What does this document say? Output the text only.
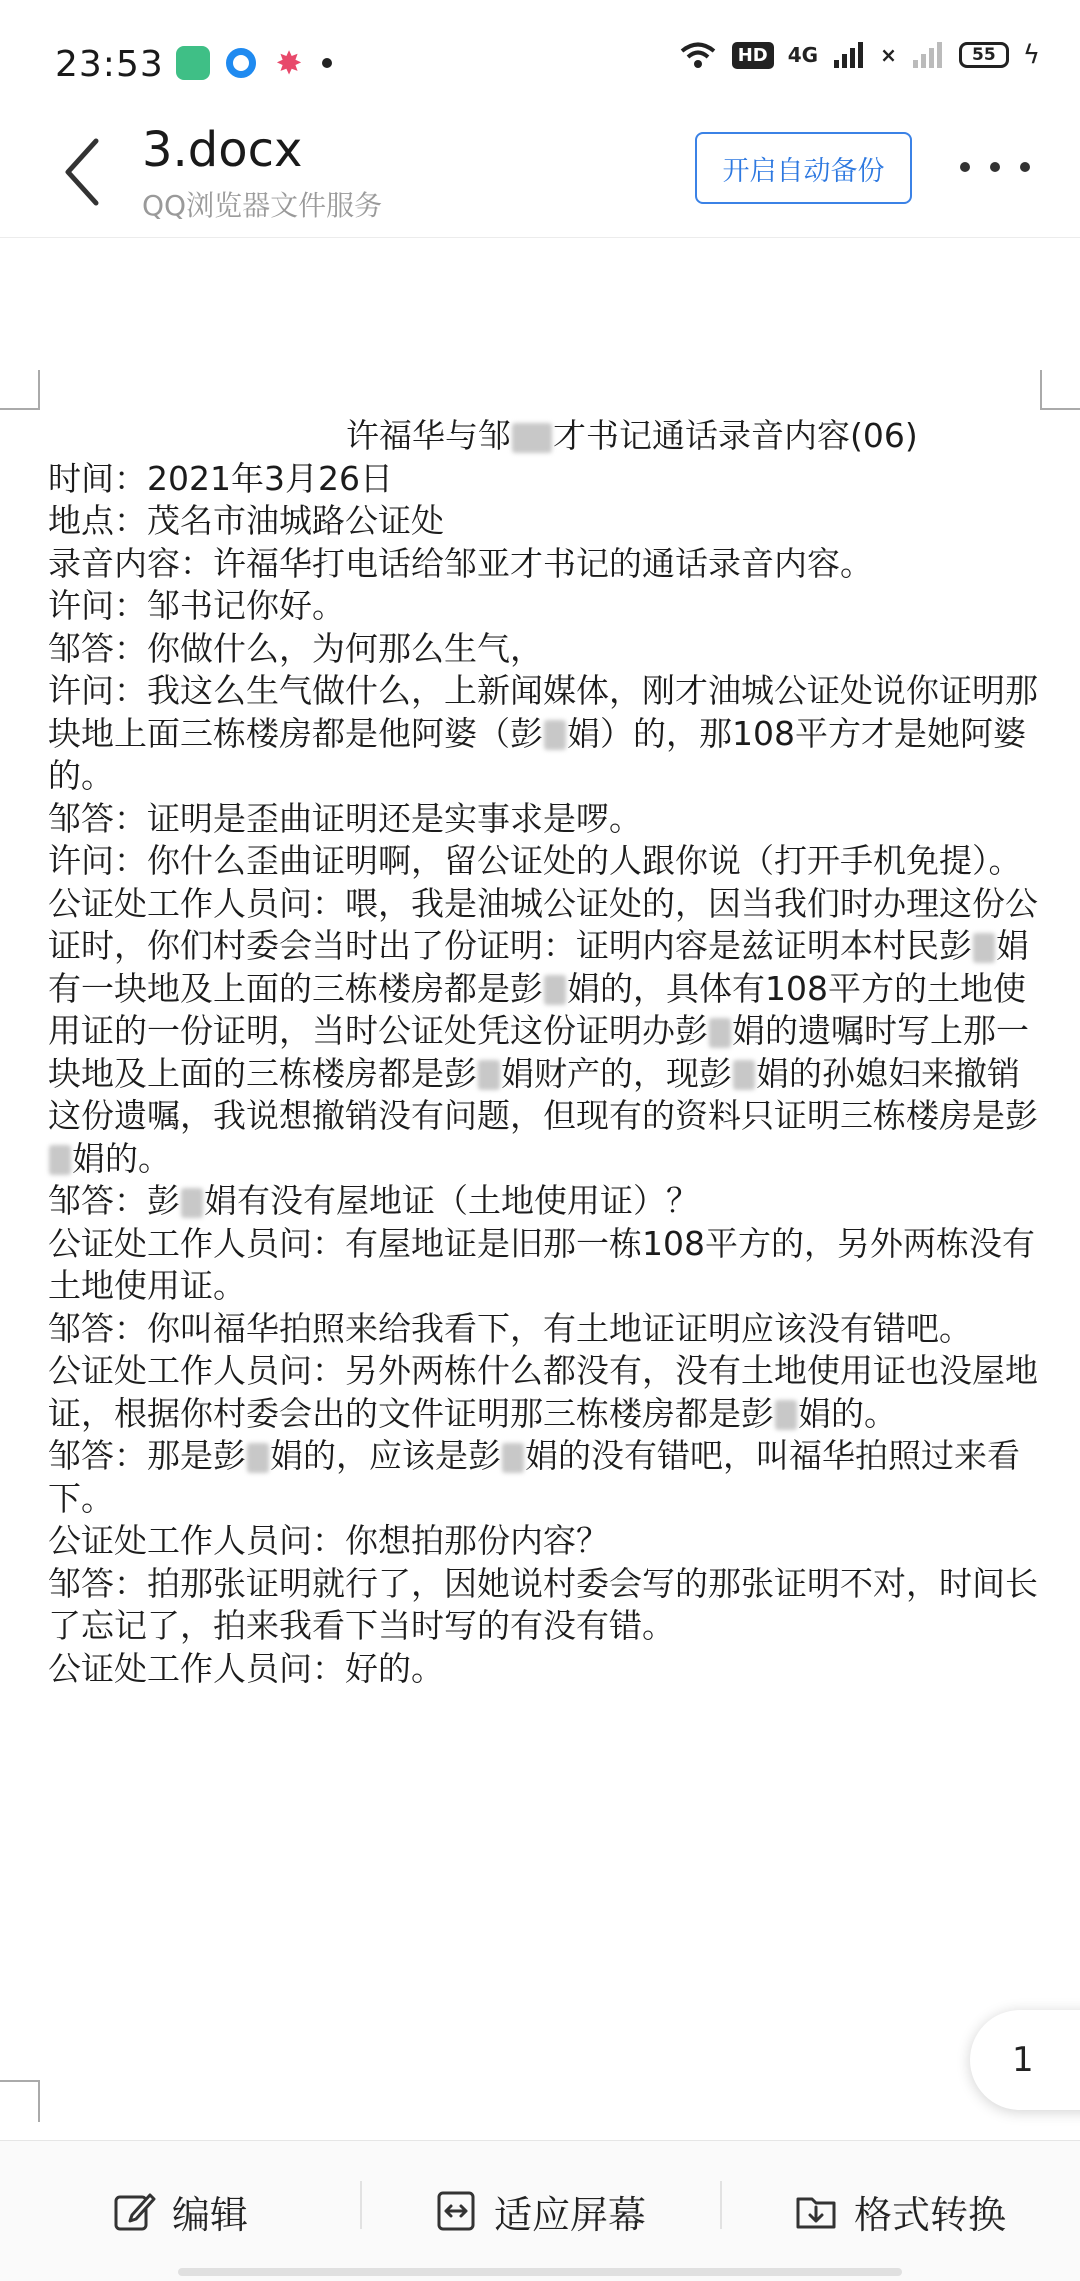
23:53	✸	HD	4G	×	55	ϟ
3.docx
QQ浏览器文件服务
开启自动备份
许福华与邹 才书记通话录音内容(06)
时间：2021年3月26日
地点：茂名市油城路公证处
录音内容：许福华打电话给邹亚才书记的通话录音内容。
许问：邹书记你好。
邹答：你做什么，为何那么生气，
许问：我这么生气做什么，上新闻媒体，刚才油城公证处说你证明那块地上面三栋楼房都是他阿婆（彭 娟）的，那108平方才是她阿婆的。
邹答：证明是歪曲证明还是实事求是啰。
许问：你什么歪曲证明啊，留公证处的人跟你说（打开手机免提）。
公证处工作人员问：喂，我是油城公证处的，因当我们时办理这份公证时，你们村委会当时出了份证明：证明内容是兹证明本村民彭 娟有一块地及上面的三栋楼房都是彭 娟的，具体有108平方的土地使用证的一份证明，当时公证处凭这份证明办彭 娟的遗嘱时写上那一块地及上面的三栋楼房都是彭 娟财产的，现彭 娟的孙媳妇来撤销这份遗嘱，我说想撤销没有问题，但现有的资料只证明三栋楼房是彭娟的。
邹答：彭 娟有没有屋地证（土地使用证）？
公证处工作人员问：有屋地证是旧那一栋108平方的，另外两栋没有土地使用证。
邹答：你叫福华拍照来给我看下，有土地证证明应该没有错吧。
公证处工作人员问：另外两栋什么都没有，没有土地使用证也没屋地证，根据你村委会出的文件证明那三栋楼房都是彭 娟的。
邹答：那是彭 娟的，应该是彭 娟的没有错吧，叫福华拍照过来看下。
公证处工作人员问：你想拍那份内容？
邹答：拍那张证明就行了，因她说村委会写的那张证明不对，时间长了忘记了，拍来我看下当时写的有没有错。
公证处工作人员问：好的。
1
编辑	适应屏幕	格式转换
